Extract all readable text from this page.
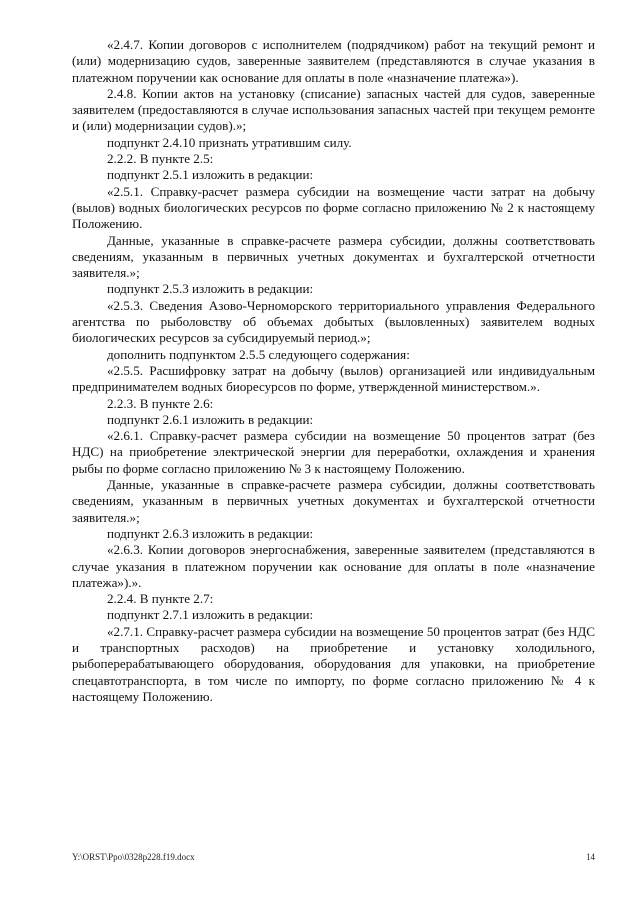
«2.4.7. Копии договоров с исполнителем (подрядчиком) работ на текущий ремонт и (или) модернизацию судов, заверенные заявителем (представляются в случае указания в платежном поручении как основание для оплаты в поле «назначение платежа»).

2.4.8. Копии актов на установку (списание) запасных частей для судов, заверенные заявителем (предоставляются в случае использования запасных частей при текущем ремонте и (или) модернизации судов).»;

подпункт 2.4.10 признать утратившим силу.

2.2.2. В пункте 2.5:

подпункт 2.5.1 изложить в редакции:

«2.5.1. Справку-расчет размера субсидии на возмещение части затрат на добычу (вылов) водных биологических ресурсов по форме согласно приложению № 2 к настоящему Положению.

Данные, указанные в справке-расчете размера субсидии, должны соответствовать сведениям, указанным в первичных учетных документах и бухгалтерской отчетности заявителя.»;

подпункт 2.5.3 изложить в редакции:

«2.5.3. Сведения Азово-Черноморского территориального управления Федерального агентства по рыболовству об объемах добытых (выловленных) заявителем водных биологических ресурсов за субсидируемый период.»;

дополнить подпунктом 2.5.5 следующего содержания:

«2.5.5. Расшифровку затрат на добычу (вылов) организацией или индивидуальным предпринимателем водных биоресурсов по форме, утвержденной министерством.».

2.2.3. В пункте 2.6:

подпункт 2.6.1 изложить в редакции:

«2.6.1. Справку-расчет размера субсидии на возмещение 50 процентов затрат (без НДС) на приобретение электрической энергии для переработки, охлаждения и хранения рыбы по форме согласно приложению № 3 к настоящему Положению.

Данные, указанные в справке-расчете размера субсидии, должны соответствовать сведениям, указанным в первичных учетных документах и бухгалтерской отчетности заявителя.»;

подпункт 2.6.3 изложить в редакции:

«2.6.3. Копии договоров энергоснабжения, заверенные заявителем (представляются в случае указания в платежном поручении как основание для оплаты в поле «назначение платежа»).».

2.2.4. В пункте 2.7:

подпункт 2.7.1 изложить в редакции:

«2.7.1. Справку-расчет размера субсидии на возмещение 50 процентов затрат (без НДС и транспортных расходов) на приобретение и установку холодильного, рыбоперерабатывающего оборудования, оборудования для упаковки, на приобретение спецавтотранспорта, в том числе по импорту, по форме согласно приложению № 4 к настоящему Положению.

Y:\ORST\Ppo\0328p228.f19.docx	14
